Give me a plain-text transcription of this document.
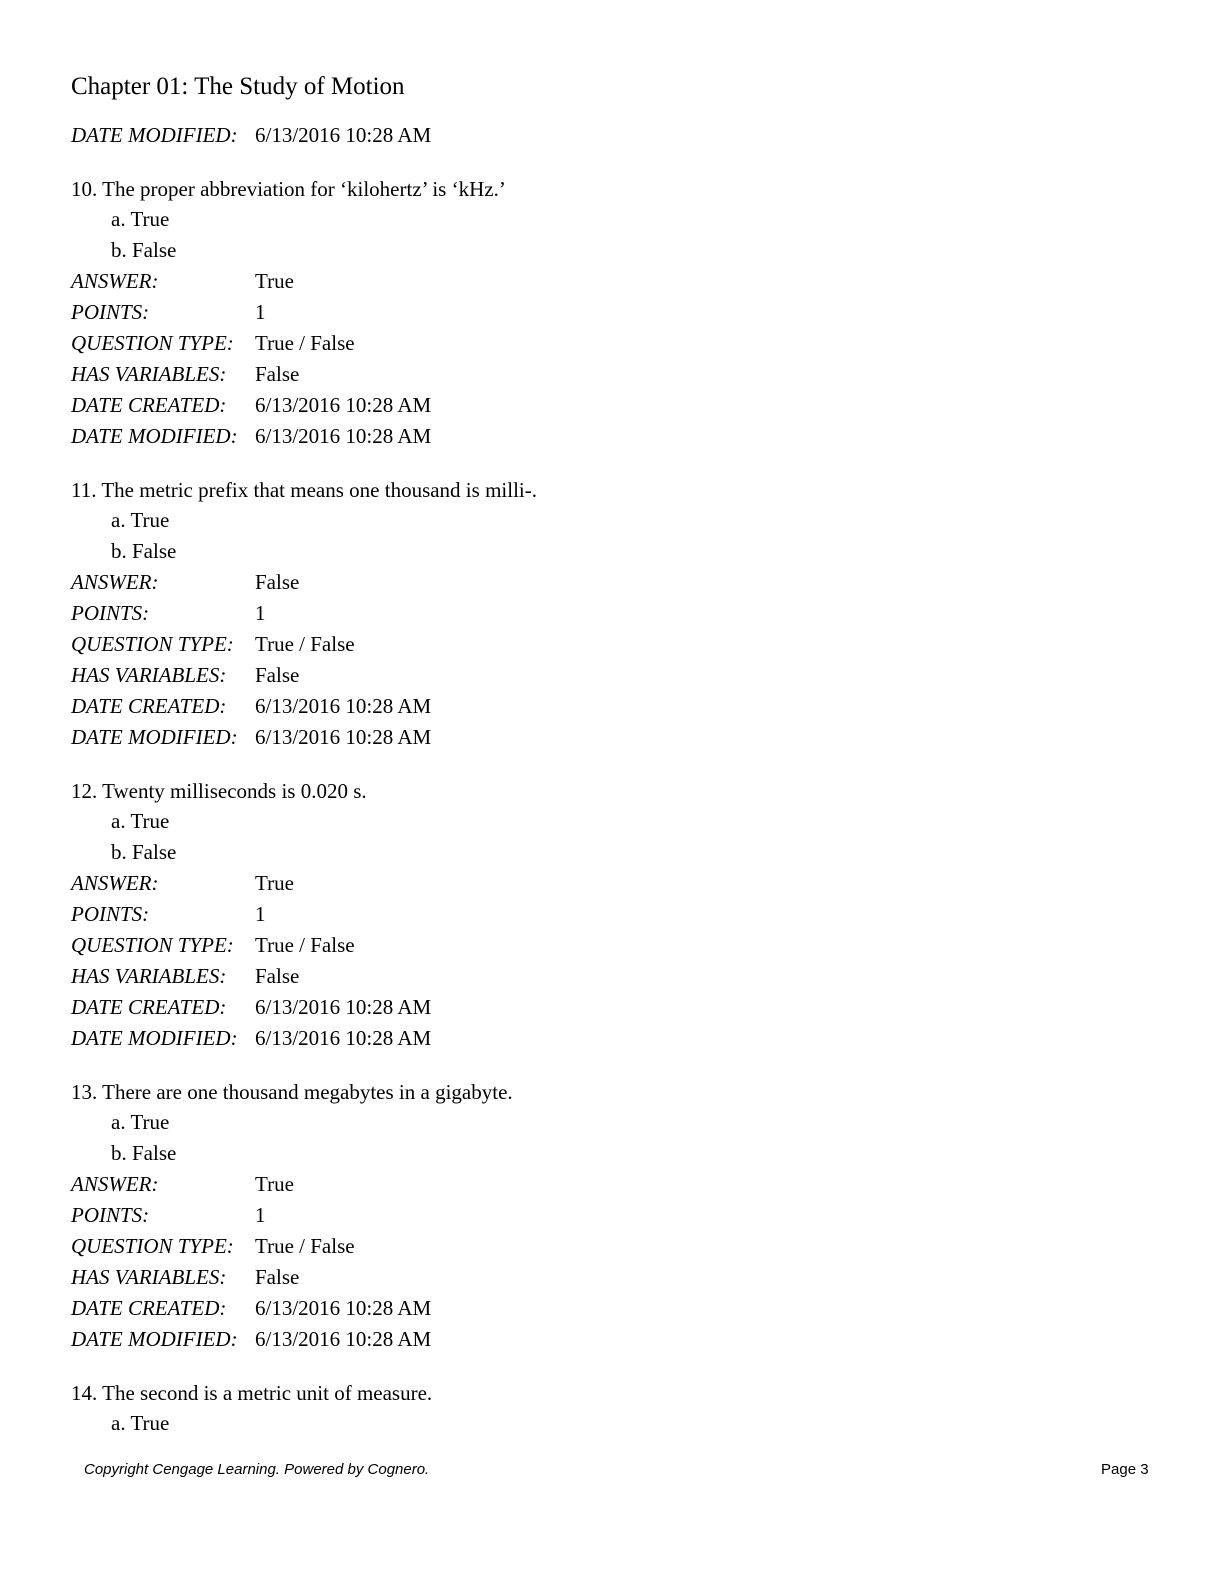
Chapter 01: The Study of Motion
DATE MODIFIED: 6/13/2016 10:28 AM
10. The proper abbreviation for ‘kilohertz’ is ‘kHz.’
a. True
b. False
ANSWER:	True
POINTS:	1
QUESTION TYPE: True / False
HAS VARIABLES: False
DATE CREATED: 6/13/2016 10:28 AM
DATE MODIFIED: 6/13/2016 10:28 AM
11. The metric prefix that means one thousand is milli-.
a. True
b. False
ANSWER:	False
POINTS:	1
QUESTION TYPE: True / False
HAS VARIABLES: False
DATE CREATED: 6/13/2016 10:28 AM
DATE MODIFIED: 6/13/2016 10:28 AM
12. Twenty milliseconds is 0.020 s.
a. True
b. False
ANSWER:	True
POINTS:	1
QUESTION TYPE: True / False
HAS VARIABLES: False
DATE CREATED: 6/13/2016 10:28 AM
DATE MODIFIED: 6/13/2016 10:28 AM
13. There are one thousand megabytes in a gigabyte.
a. True
b. False
ANSWER:	True
POINTS:	1
QUESTION TYPE: True / False
HAS VARIABLES: False
DATE CREATED: 6/13/2016 10:28 AM
DATE MODIFIED: 6/13/2016 10:28 AM
14. The second is a metric unit of measure.
a. True
Copyright Cengage Learning. Powered by Cognero.	Page 3
